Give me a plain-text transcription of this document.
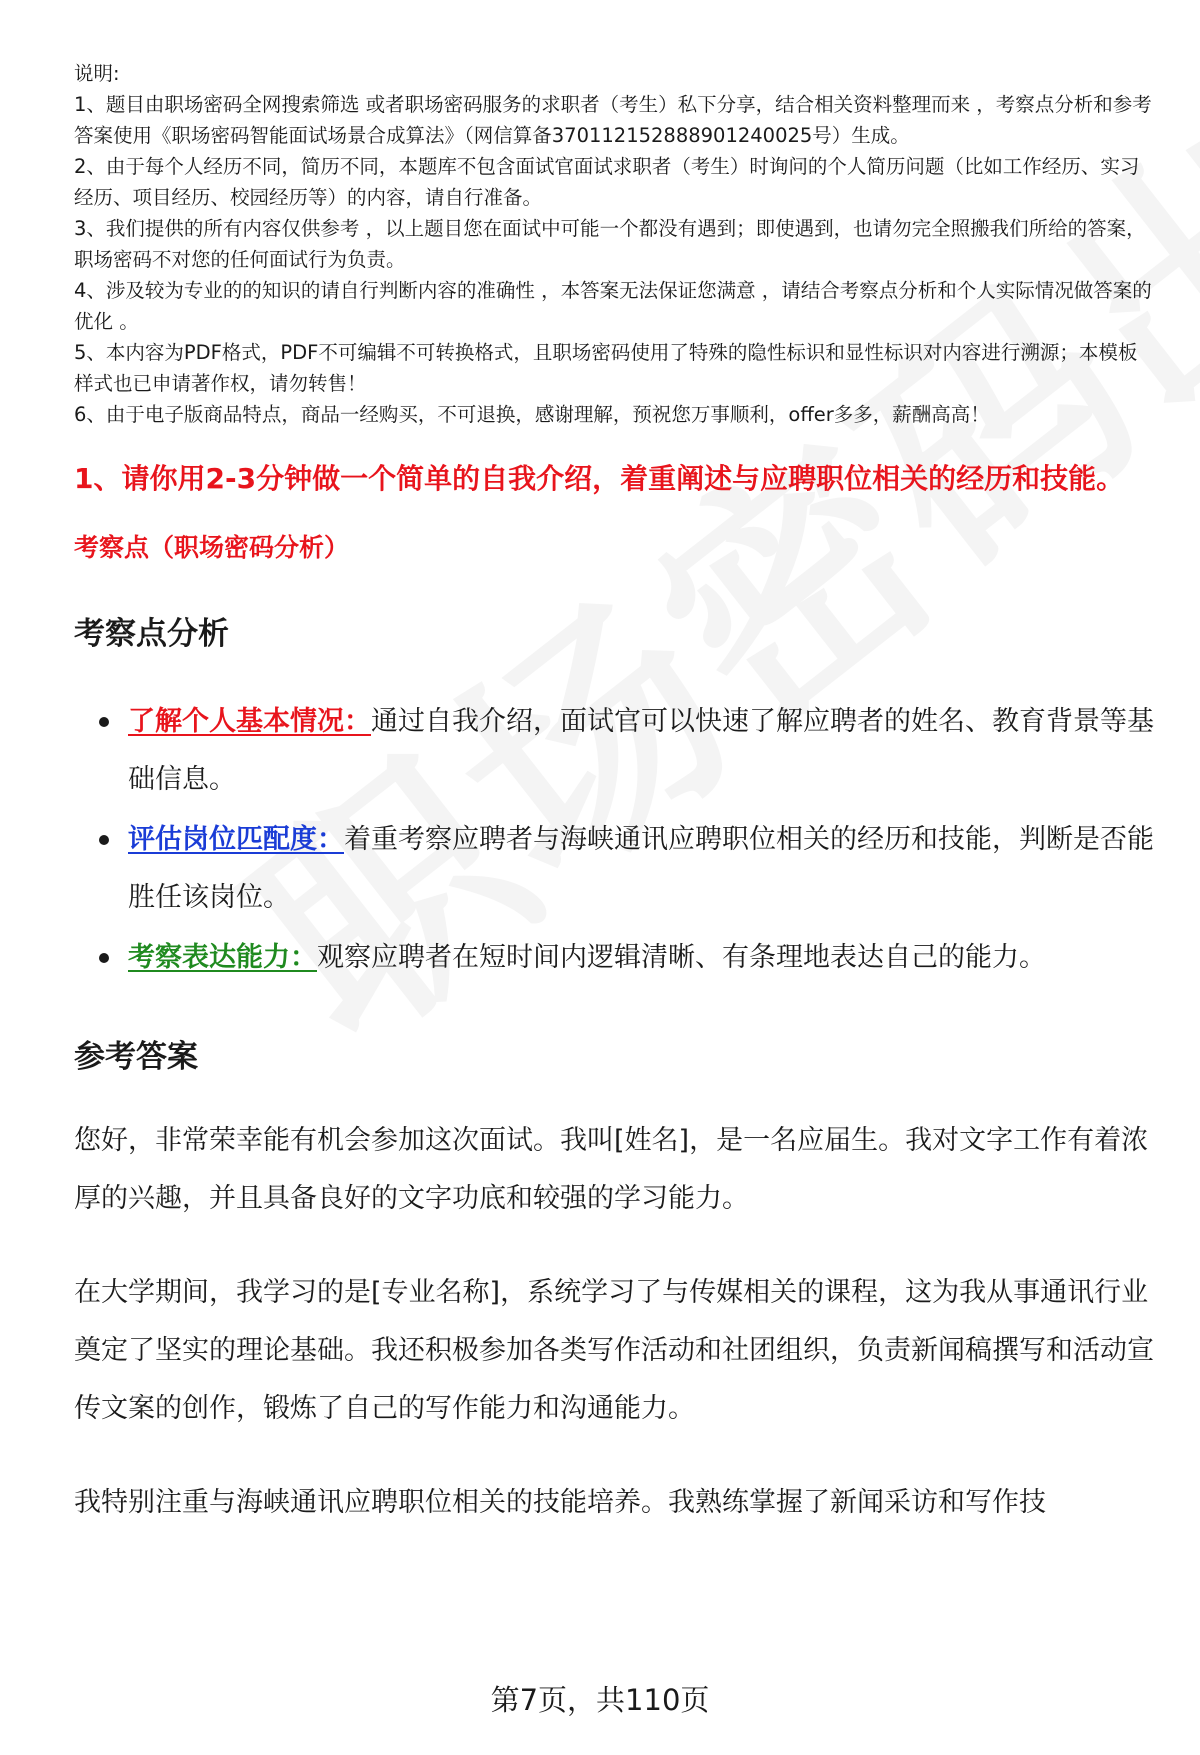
说明:

1、题目由职场密码全网搜索筛选 或者职场密码服务的求职者（考生）私下分享，结合相关资料整理而来 ，考察点分析和参考答案使用《职场密码智能面试场景合成算法》（网信算备370112152888901240025号）生成。

2、由于每个人经历不同，简历不同，本题库不包含面试官面试求职者（考生）时询问的个人简历问题（比如工作经历、实习经历、项目经历、校园经历等）的内容，请自行准备。

3、我们提供的所有内容仅供参考 ，以上题目您在面试中可能一个都没有遇到；即使遇到，也请勿完全照搬我们所给的答案，职场密码不对您的任何面试行为负责。

4、涉及较为专业的的知识的请自行判断内容的准确性 ，本答案无法保证您满意 ，请结合考察点分析和个人实际情况做答案的优化 。

5、本内容为PDF格式，PDF不可编辑不可转换格式，且职场密码使用了特殊的隐性标识和显性标识对内容进行溯源；本模板样式也已申请著作权，请勿转售！

6、由于电子版商品特点，商品一经购买，不可退换，感谢理解，预祝您万事顺利，offer多多，薪酬高高！

1、请你用2-3分钟做一个简单的自我介绍，着重阐述与应聘职位相关的经历和技能。
考察点（职场密码分析）
考察点分析
了解个人基本情况：通过自我介绍，面试官可以快速了解应聘者的姓名、教育背景等基础信息。
评估岗位匹配度：着重考察应聘者与海峡通讯应聘职位相关的经历和技能，判断是否能胜任该岗位。
考察表达能力：观察应聘者在短时间内逻辑清晰、有条理地表达自己的能力。
参考答案

您好，非常荣幸能有机会参加这次面试。我叫[姓名]，是一名应届生。我对文字工作有着浓厚的兴趣，并且具备良好的文字功底和较强的学习能力。

在大学期间，我学习的是[专业名称]，系统学习了与传媒相关的课程，这为我从事通讯行业奠定了坚实的理论基础。我还积极参加各类写作活动和社团组织，负责新闻稿撰写和活动宣传文案的创作，锻炼了自己的写作能力和沟通能力。

我特别注重与海峡通讯应聘职位相关的技能培养。我熟练掌握了新闻采访和写作技

第7页，共110页
